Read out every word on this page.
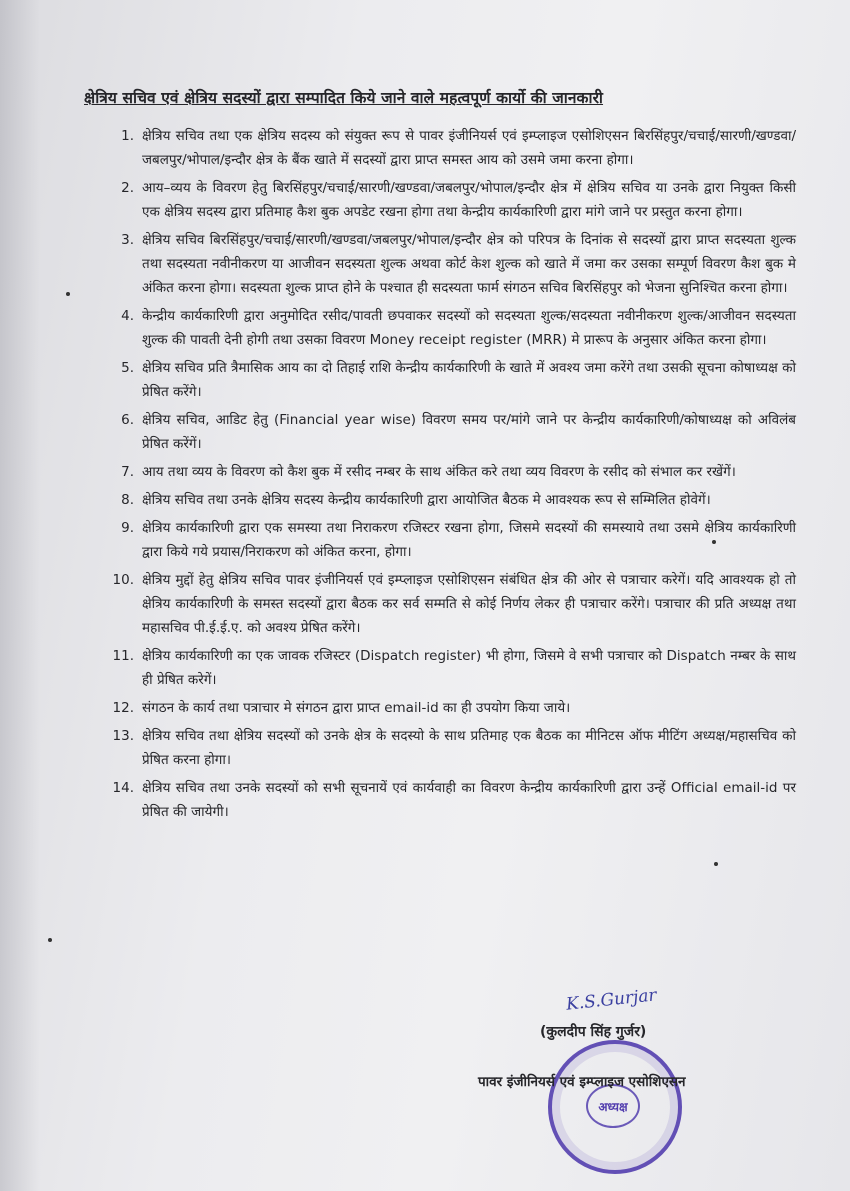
क्षेत्रिय सचिव एवं क्षेत्रिय सदस्यों द्वारा सम्पादित किये जाने वाले महत्वपूर्ण कार्यो की जानकारी
1. क्षेत्रिय सचिव तथा एक क्षेत्रिय सदस्य को संयुक्त रूप से पावर इंजीनियर्स एवं इम्प्लाइज एसोशिएसन बिरसिंहपुर/चचाई/सारणी/खण्डवा/जबलपुर/भोपाल/इन्दौर क्षेत्र के बैंक खाते में सदस्यों द्वारा प्राप्त समस्त आय को उसमे जमा करना होगा।
2. आय–व्यय के विवरण हेतु बिरसिंहपुर/चचाई/सारणी/खण्डवा/जबलपुर/भोपाल/इन्दौर क्षेत्र में क्षेत्रिय सचिव या उनके द्वारा नियुक्त किसी एक क्षेत्रिय सदस्य द्वारा प्रतिमाह कैश बुक अपडेट रखना होगा तथा केन्द्रीय कार्यकारिणी द्वारा मांगे जाने पर प्रस्तुत करना होगा।
3. क्षेत्रिय सचिव बिरसिंहपुर/चचाई/सारणी/खण्डवा/जबलपुर/भोपाल/इन्दौर क्षेत्र को परिपत्र के दिनांक से सदस्यों द्वारा प्राप्त सदस्यता शुल्क तथा सदस्यता नवीनीकरण या आजीवन सदस्यता शुल्क अथवा कोर्ट केश शुल्क को खाते में जमा कर उसका सम्पूर्ण विवरण कैश बुक मे अंकित करना होगा। सदस्यता शुल्क प्राप्त होने के पश्चात ही सदस्यता फार्म संगठन सचिव बिरसिंहपुर को भेजना सुनिश्चित करना होगा।
4. केन्द्रीय कार्यकारिणी द्वारा अनुमोदित रसीद/पावती छपवाकर सदस्यों को सदस्यता शुल्क/सदस्यता नवीनीकरण शुल्क/आजीवन सदस्यता शुल्क की पावती देनी होगी तथा उसका विवरण Money receipt register (MRR) मे प्रारूप के अनुसार अंकित करना होगा।
5. क्षेत्रिय सचिव प्रति त्रैमासिक आय का दो तिहाई राशि केन्द्रीय कार्यकारिणी के खाते में अवश्य जमा करेंगे तथा उसकी सूचना कोषाध्यक्ष को प्रेषित करेंगे।
6. क्षेत्रिय सचिव, आडिट हेतु (Financial year wise) विवरण समय पर/मांगे जाने पर केन्द्रीय कार्यकारिणी/कोषाध्यक्ष को अविलंब प्रेषित करेंगें।
7. आय तथा व्यय के विवरण को कैश बुक में रसीद नम्बर के साथ अंकित करे तथा व्यय विवरण के रसीद को संभाल कर रखेंगें।
8. क्षेत्रिय सचिव तथा उनके क्षेत्रिय सदस्य केन्द्रीय कार्यकारिणी द्वारा आयोजित बैठक मे आवश्यक रूप से सम्मिलित होवेगें।
9. क्षेत्रिय कार्यकारिणी द्वारा एक समस्या तथा निराकरण रजिस्टर रखना होगा, जिसमे सदस्यों की समस्याये तथा उसमे क्षेत्रिय कार्यकारिणी द्वारा किये गये प्रयास/निराकरण को अंकित करना, होगा।
10. क्षेत्रिय मुद्दों हेतु क्षेत्रिय सचिव पावर इंजीनियर्स एवं इम्प्लाइज एसोशिएसन संबंधित क्षेत्र की ओर से पत्राचार करेगें। यदि आवश्यक हो तो क्षेत्रिय कार्यकारिणी के समस्त सदस्यों द्वारा बैठक कर सर्व सम्मति से कोई निर्णय लेकर ही पत्राचार करेंगे। पत्राचार की प्रति अध्यक्ष तथा महासचिव पी.ई.ई.ए. को अवश्य प्रेषित करेंगे।
11. क्षेत्रिय कार्यकारिणी का एक जावक रजिस्टर (Dispatch register) भी होगा, जिसमे वे सभी पत्राचार को Dispatch नम्बर के साथ ही प्रेषित करेगें।
12. संगठन के कार्य तथा पत्राचार मे संगठन द्वारा प्राप्त email-id का ही उपयोग किया जाये।
13. क्षेत्रिय सचिव तथा क्षेत्रिय सदस्यों को उनके क्षेत्र के सदस्यो के साथ प्रतिमाह एक बैठक का मीनिटस ऑफ मीटिंग अध्यक्ष/महासचिव को प्रेषित करना होगा।
14. क्षेत्रिय सचिव तथा उनके सदस्यों को सभी सूचनायें एवं कार्यवाही का विवरण केन्द्रीय कार्यकारिणी द्वारा उन्हें Official email-id पर प्रेषित की जायेगी।
K.S.Gurjar
अध्यक्ष
(कुलदीप सिंह गुर्जर)
पावर इंजीनियर्स एवं इम्प्लाइज एसोशिएसन
